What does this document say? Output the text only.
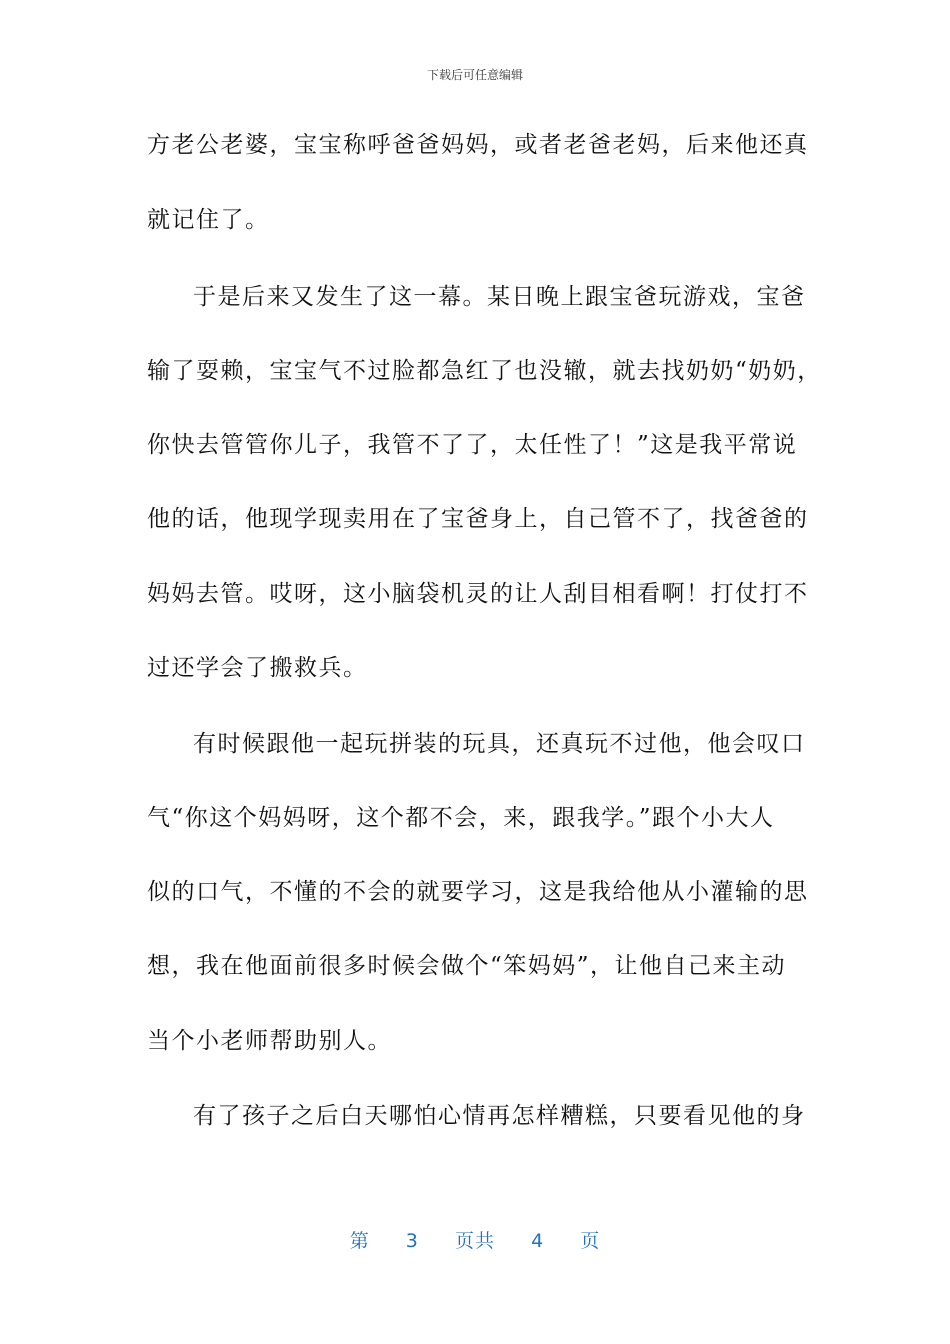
下载后可任意编辑
方老公老婆，宝宝称呼爸爸妈妈，或者老爸老妈，后来他还真
就记住了。
于是后来又发生了这一幕。某日晚上跟宝爸玩游戏，宝爸
输了耍赖，宝宝气不过脸都急红了也没辙，就去找奶奶“奶奶，
你快去管管你儿子，我管不了了，太任性了！”这是我平常说
他的话，他现学现卖用在了宝爸身上，自己管不了，找爸爸的
妈妈去管。哎呀，这小脑袋机灵的让人刮目相看啊！打仗打不
过还学会了搬救兵。
有时候跟他一起玩拼装的玩具，还真玩不过他，他会叹口
气“你这个妈妈呀，这个都不会，来，跟我学。”跟个小大人
似的口气，不懂的不会的就要学习，这是我给他从小灌输的思
想，我在他面前很多时候会做个“笨妈妈”，让他自己来主动
当个小老师帮助别人。
有了孩子之后白天哪怕心情再怎样糟糕，只要看见他的身
第 3 页共 4 页
